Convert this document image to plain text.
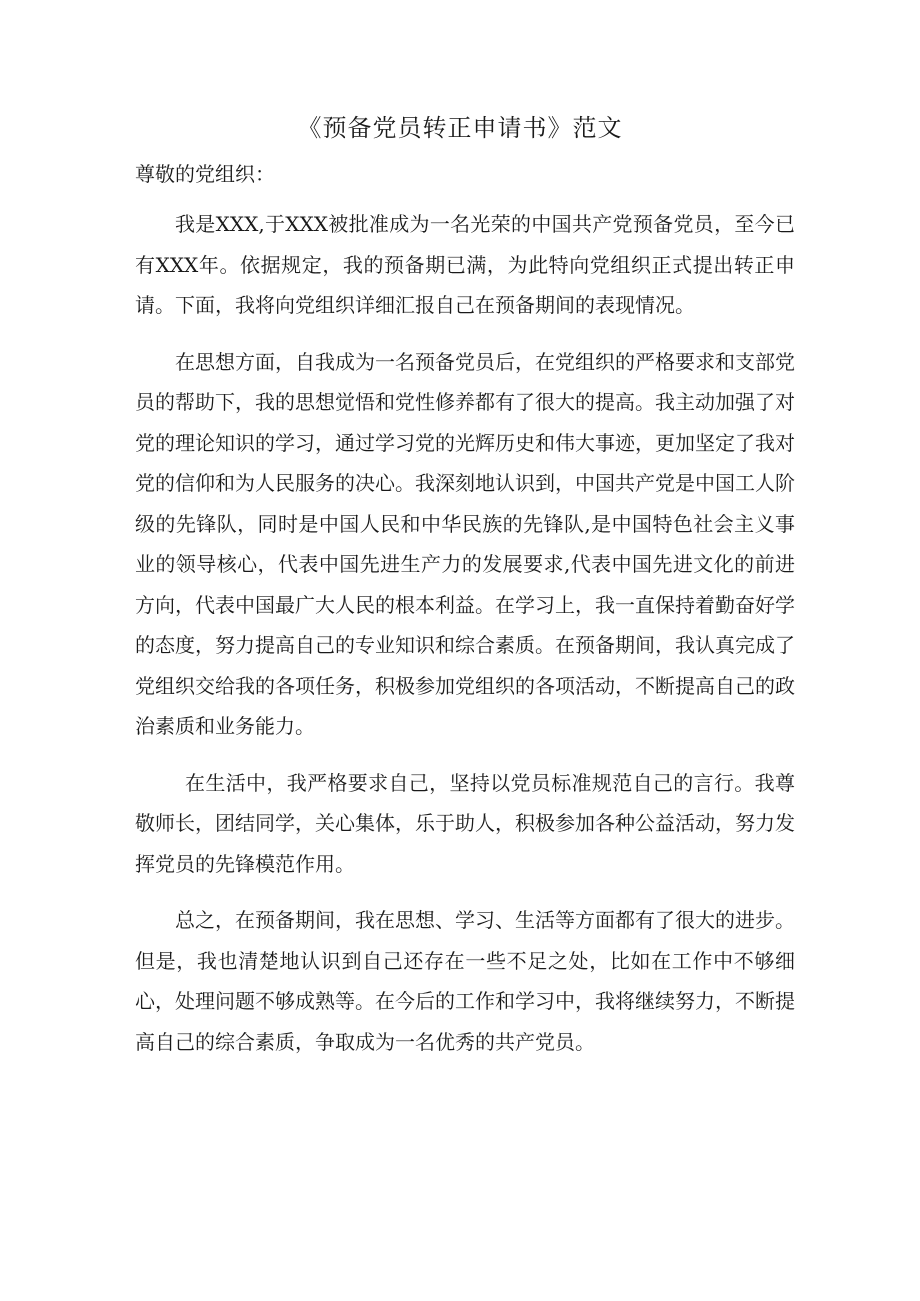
《预备党员转正申请书》范文
尊敬的党组织：

我是XXX,于XXX被批准成为一名光荣的中国共产党预备党员，至今已有XXX年。依据规定，我的预备期已满，为此特向党组织正式提出转正申请。下面，我将向党组织详细汇报自己在预备期间的表现情况。

在思想方面，自我成为一名预备党员后，在党组织的严格要求和支部党员的帮助下，我的思想觉悟和党性修养都有了很大的提高。我主动加强了对党的理论知识的学习，通过学习党的光辉历史和伟大事迹，更加坚定了我对党的信仰和为人民服务的决心。我深刻地认识到，中国共产党是中国工人阶级的先锋队，同时是中国人民和中华民族的先锋队,是中国特色社会主义事业的领导核心，代表中国先进生产力的发展要求,代表中国先进文化的前进方向，代表中国最广大人民的根本利益。在学习上，我一直保持着勤奋好学的态度，努力提高自己的专业知识和综合素质。在预备期间，我认真完成了党组织交给我的各项任务，积极参加党组织的各项活动，不断提高自己的政治素质和业务能力。

在生活中，我严格要求自己，坚持以党员标准规范自己的言行。我尊敬师长，团结同学，关心集体，乐于助人，积极参加各种公益活动，努力发挥党员的先锋模范作用。

总之，在预备期间，我在思想、学习、生活等方面都有了很大的进步。但是，我也清楚地认识到自己还存在一些不足之处，比如在工作中不够细心，处理问题不够成熟等。在今后的工作和学习中，我将继续努力，不断提高自己的综合素质，争取成为一名优秀的共产党员。
